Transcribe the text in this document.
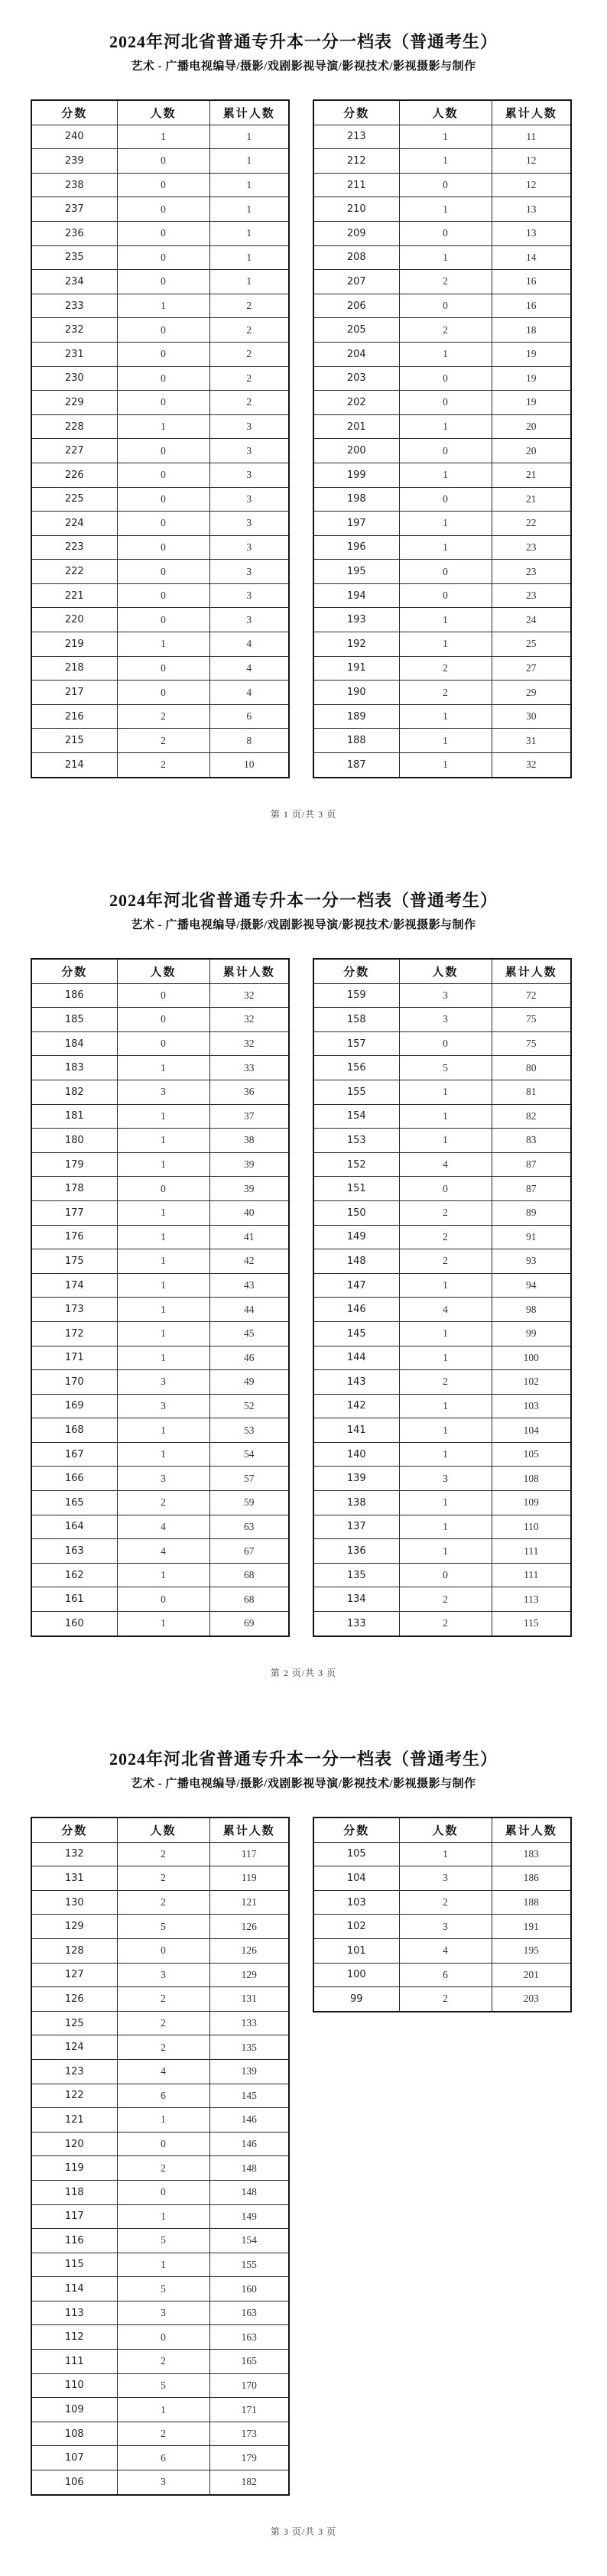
2024年河北省普通专升本一分一档表（普通考生）
艺术 - 广播电视编导/摄影/戏剧影视导演/影视技术/影视摄影与制作
分数	人数	累计人数
240	1	1
239	0	1
238	0	1
237	0	1
236	0	1
235	0	1
234	0	1
233	1	2
232	0	2
231	0	2
230	0	2
229	0	2
228	1	3
227	0	3
226	0	3
225	0	3
224	0	3
223	0	3
222	0	3
221	0	3
220	0	3
219	1	4
218	0	4
217	0	4
216	2	6
215	2	8
214	2	10
分数	人数	累计人数
213	1	11
212	1	12
211	0	12
210	1	13
209	0	13
208	1	14
207	2	16
206	0	16
205	2	18
204	1	19
203	0	19
202	0	19
201	1	20
200	0	20
199	1	21
198	0	21
197	1	22
196	1	23
195	0	23
194	0	23
193	1	24
192	1	25
191	2	27
190	2	29
189	1	30
188	1	31
187	1	32
第 1 页/共 3 页
2024年河北省普通专升本一分一档表（普通考生）
艺术 - 广播电视编导/摄影/戏剧影视导演/影视技术/影视摄影与制作
分数	人数	累计人数
186	0	32
185	0	32
184	0	32
183	1	33
182	3	36
181	1	37
180	1	38
179	1	39
178	0	39
177	1	40
176	1	41
175	1	42
174	1	43
173	1	44
172	1	45
171	1	46
170	3	49
169	3	52
168	1	53
167	1	54
166	3	57
165	2	59
164	4	63
163	4	67
162	1	68
161	0	68
160	1	69
分数	人数	累计人数
159	3	72
158	3	75
157	0	75
156	5	80
155	1	81
154	1	82
153	1	83
152	4	87
151	0	87
150	2	89
149	2	91
148	2	93
147	1	94
146	4	98
145	1	99
144	1	100
143	2	102
142	1	103
141	1	104
140	1	105
139	3	108
138	1	109
137	1	110
136	1	111
135	0	111
134	2	113
133	2	115
第 2 页/共 3 页
2024年河北省普通专升本一分一档表（普通考生）
艺术 - 广播电视编导/摄影/戏剧影视导演/影视技术/影视摄影与制作
分数	人数	累计人数
132	2	117
131	2	119
130	2	121
129	5	126
128	0	126
127	3	129
126	2	131
125	2	133
124	2	135
123	4	139
122	6	145
121	1	146
120	0	146
119	2	148
118	0	148
117	1	149
116	5	154
115	1	155
114	5	160
113	3	163
112	0	163
111	2	165
110	5	170
109	1	171
108	2	173
107	6	179
106	3	182
分数	人数	累计人数
105	1	183
104	3	186
103	2	188
102	3	191
101	4	195
100	6	201
99	2	203
第 3 页/共 3 页
